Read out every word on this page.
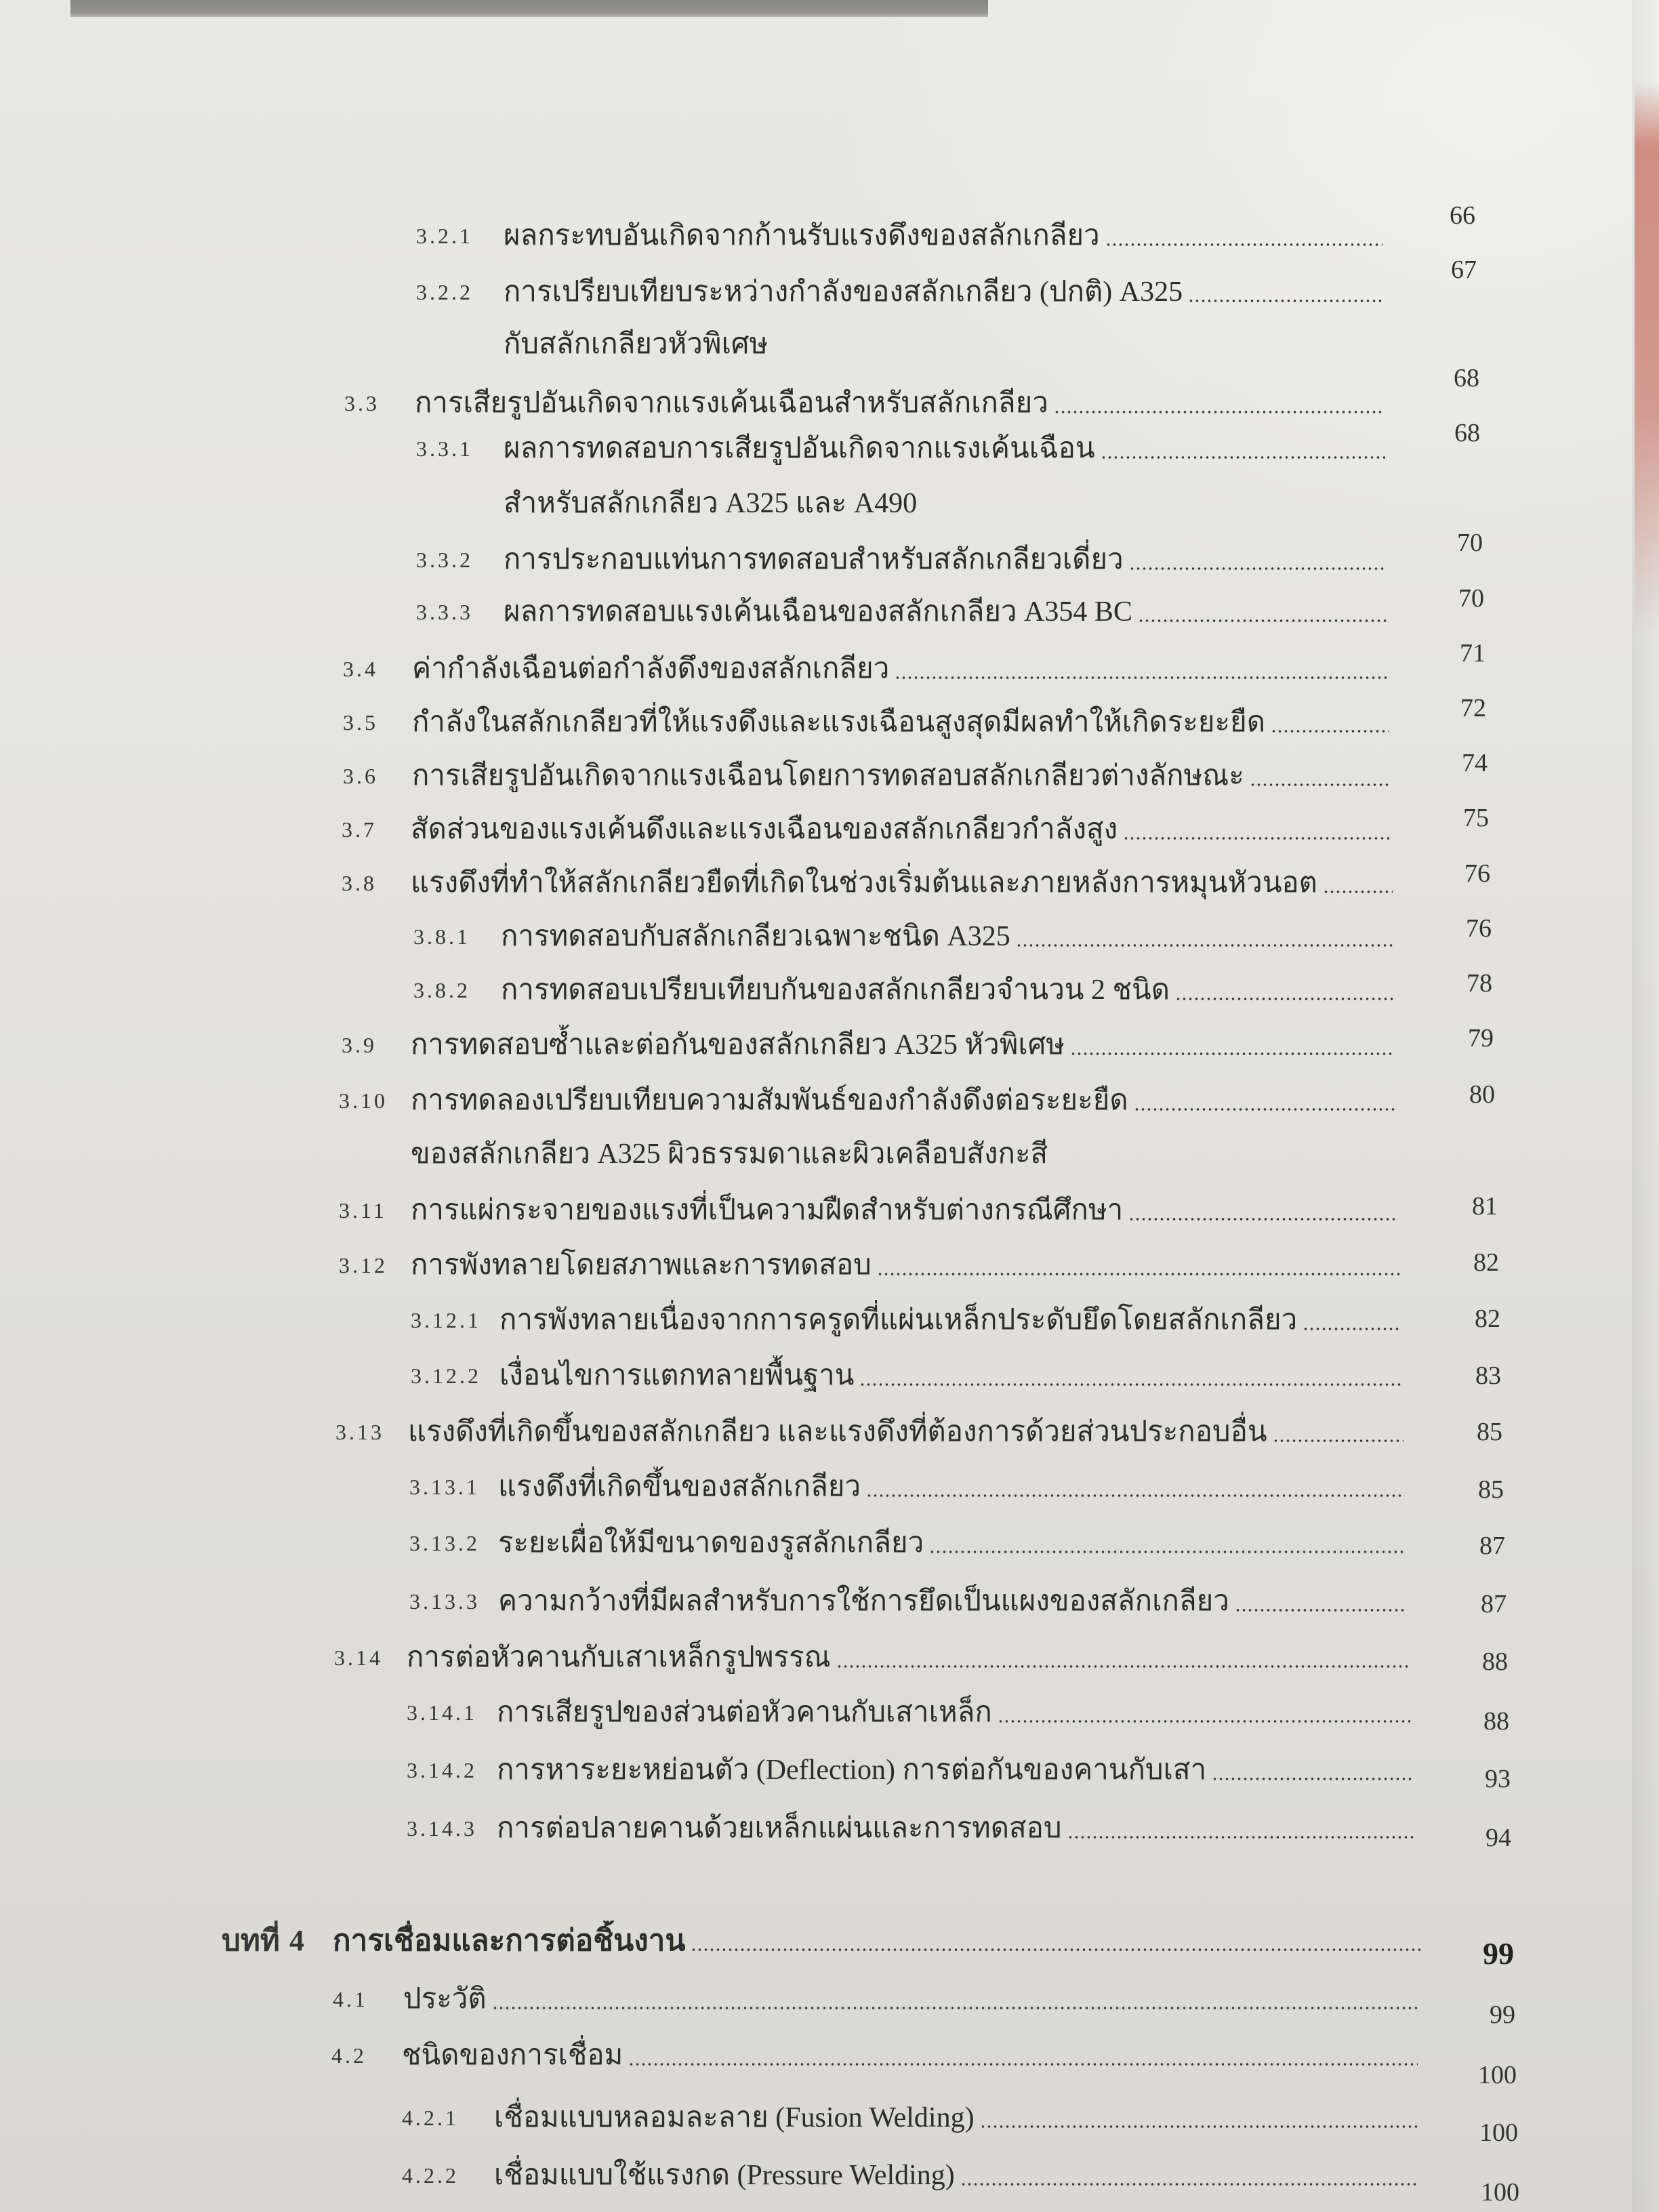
3.2.1	ผลกระทบอันเกิดจากก้านรับแรงดึงของสลักเกลียว
66
3.2.2	การเปรียบเทียบระหว่างกำลังของสลักเกลียว (ปกติ) A325
กับสลักเกลียวหัวพิเศษ
67
3.3	การเสียรูปอันเกิดจากแรงเค้นเฉือนสำหรับสลักเกลียว
68
3.3.1	ผลการทดสอบการเสียรูปอันเกิดจากแรงเค้นเฉือน
สำหรับสลักเกลียว A325 และ A490
68
3.3.2	การประกอบแท่นการทดสอบสำหรับสลักเกลียวเดี่ยว
70
3.3.3	ผลการทดสอบแรงเค้นเฉือนของสลักเกลียว A354 BC	70
3.4	ค่ากำลังเฉือนต่อกำลังดึงของสลักเกลียว	71
3.5	กำลังในสลักเกลียวที่ให้แรงดึงและแรงเฉือนสูงสุดมีผลทำให้เกิดระยะยืด	72
3.6	การเสียรูปอันเกิดจากแรงเฉือนโดยการทดสอบสลักเกลียวต่างลักษณะ	74
3.7	สัดส่วนของแรงเค้นดึงและแรงเฉือนของสลักเกลียวกำลังสูง	75
3.8	แรงดึงที่ทำให้สลักเกลียวยืดที่เกิดในช่วงเริ่มต้นและภายหลังการหมุนหัวนอต	76
3.8.1	การทดสอบกับสลักเกลียวเฉพาะชนิด A325	76
3.8.2	การทดสอบเปรียบเทียบกันของสลักเกลียวจำนวน 2 ชนิด	78
3.9	การทดสอบซ้ำและต่อกันของสลักเกลียว A325 หัวพิเศษ	79
3.10 การทดลองเปรียบเทียบความสัมพันธ์ของกำลังดึงต่อระยะยืด
ของสลักเกลียว A325 ผิวธรรมดาและผิวเคลือบสังกะสี
80
3.11 การแผ่กระจายของแรงที่เป็นความฝืดสำหรับต่างกรณีศึกษา	81
3.12 การพังทลายโดยสภาพและการทดสอบ	82
3.12.1 การพังทลายเนื่องจากการครูดที่แผ่นเหล็กประดับยึดโดยสลักเกลียว	82
3.12.2 เงื่อนไขการแตกทลายพื้นฐาน	83
3.13 แรงดึงที่เกิดขึ้นของสลักเกลียว และแรงดึงที่ต้องการด้วยส่วนประกอบอื่น	85
3.13.1 แรงดึงที่เกิดขึ้นของสลักเกลียว	85
3.13.2 ระยะเผื่อให้มีขนาดของรูสลักเกลียว	87
3.13.3 ความกว้างที่มีผลสำหรับการใช้การยึดเป็นแผงของสลักเกลียว	87
3.14 การต่อหัวคานกับเสาเหล็กรูปพรรณ	88
3.14.1 การเสียรูปของส่วนต่อหัวคานกับเสาเหล็ก	88
3.14.2 การหาระยะหย่อนตัว (Deflection) การต่อกันของคานกับเสา	93
3.14.3 การต่อปลายคานด้วยเหล็กแผ่นและการทดสอบ	94
บทที่ 4 การเชื่อมและการต่อชิ้นงาน	99
4.1	ประวัติ	99
4.2	ชนิดของการเชื่อม
100
4.2.1	เชื่อมแบบหลอมละลาย (Fusion Welding)	100
4.2.2	เชื่อมแบบใช้แรงกด (Pressure Welding)
100
